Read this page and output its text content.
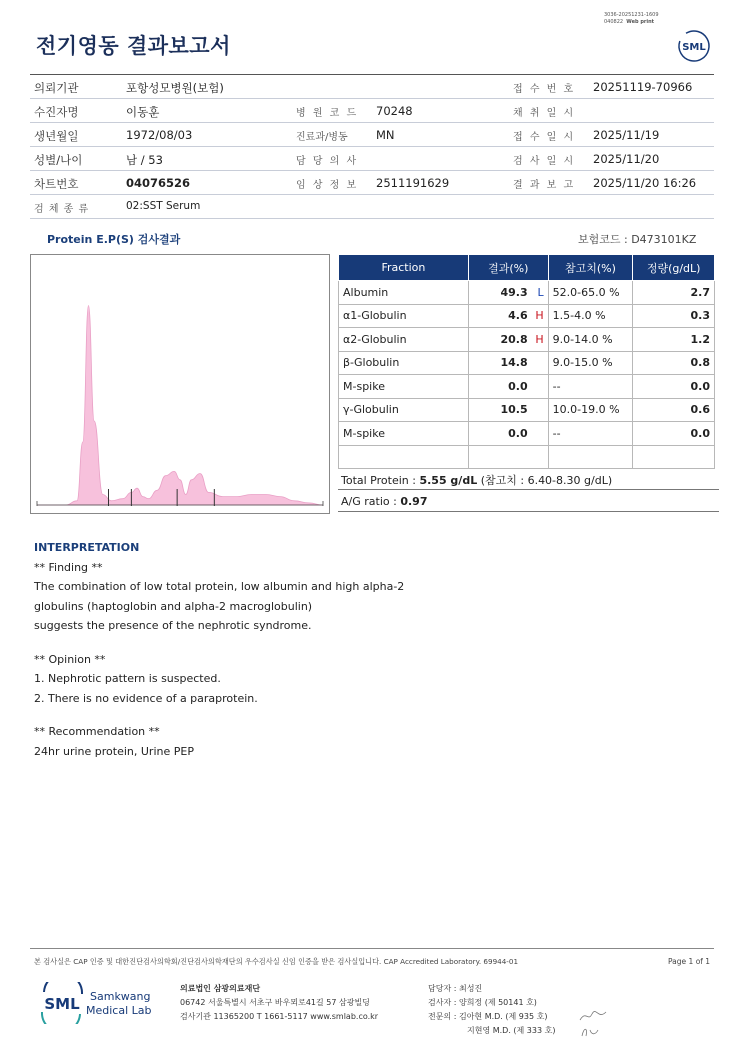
전기영동 결과보고서
3036-20251231-1609
040822 Web print
SML
의뢰기관	포항성모병원(보험)	접 수 번 호 20251119-70966
수진자명	이동훈	병 원 코 드 70248	채 취 일 시
생년월일	1972/08/03	진료과/병동 MN	접 수 일 시 2025/11/19
성별/나이	남 / 53	담 당 의 사	검 사 일 시 2025/11/20
차트번호	04076526	임 상 정 보 2511191629	결 과 보 고 2025/11/20 16:26
검 체 종 류	02:SST Serum
Protein E.P(S) 검사결과	보험코드 : D473101KZ
Fraction	결과(%)	참고치(%)	정량(g/dL)
Albumin	49.3 L	52.0-65.0 %	2.7
α1-Globulin	4.6 H	1.5-4.0 %	0.3
α2-Globulin	20.8 H	9.0-14.0 %	1.2
β-Globulin	14.8	9.0-15.0 %	0.8
M-spike	0.0	--	0.0
γ-Globulin	10.5	10.0-19.0 %	0.6
M-spike	0.0	--	0.0

Total Protein : 5.55 g/dL (참고치 : 6.40-8.30 g/dL)
A/G ratio : 0.97
INTERPRETATION
** Finding **
The combination of low total protein, low albumin and high alpha-2
globulins (haptoglobin and alpha-2 macroglobulin)
suggests the presence of the nephrotic syndrome.
** Opinion **
1. Nephrotic pattern is suspected.
2. There is no evidence of a paraprotein.
** Recommendation **
24hr urine protein, Urine PEP
본 검사실은 CAP 인증 및 대한진단검사의학회/진단검사의학재단의 우수검사실 신임 인증을 받은 검사실입니다. CAP Accredited Laboratory. 69944-01	Page 1 of 1
SML Samkwang
Medical Lab
의료법인 삼광의료재단
06742 서울특별시 서초구 바우뫼로41길 57 삼광빌딩
검사기관 11365200 T 1661-5117 www.smlab.co.kr
담당자 : 최성진
검사자 : 양희정 (제 50141 호)
전문의 : 김아현 M.D. (제 935 호)
지현영 M.D. (제 333 호)
